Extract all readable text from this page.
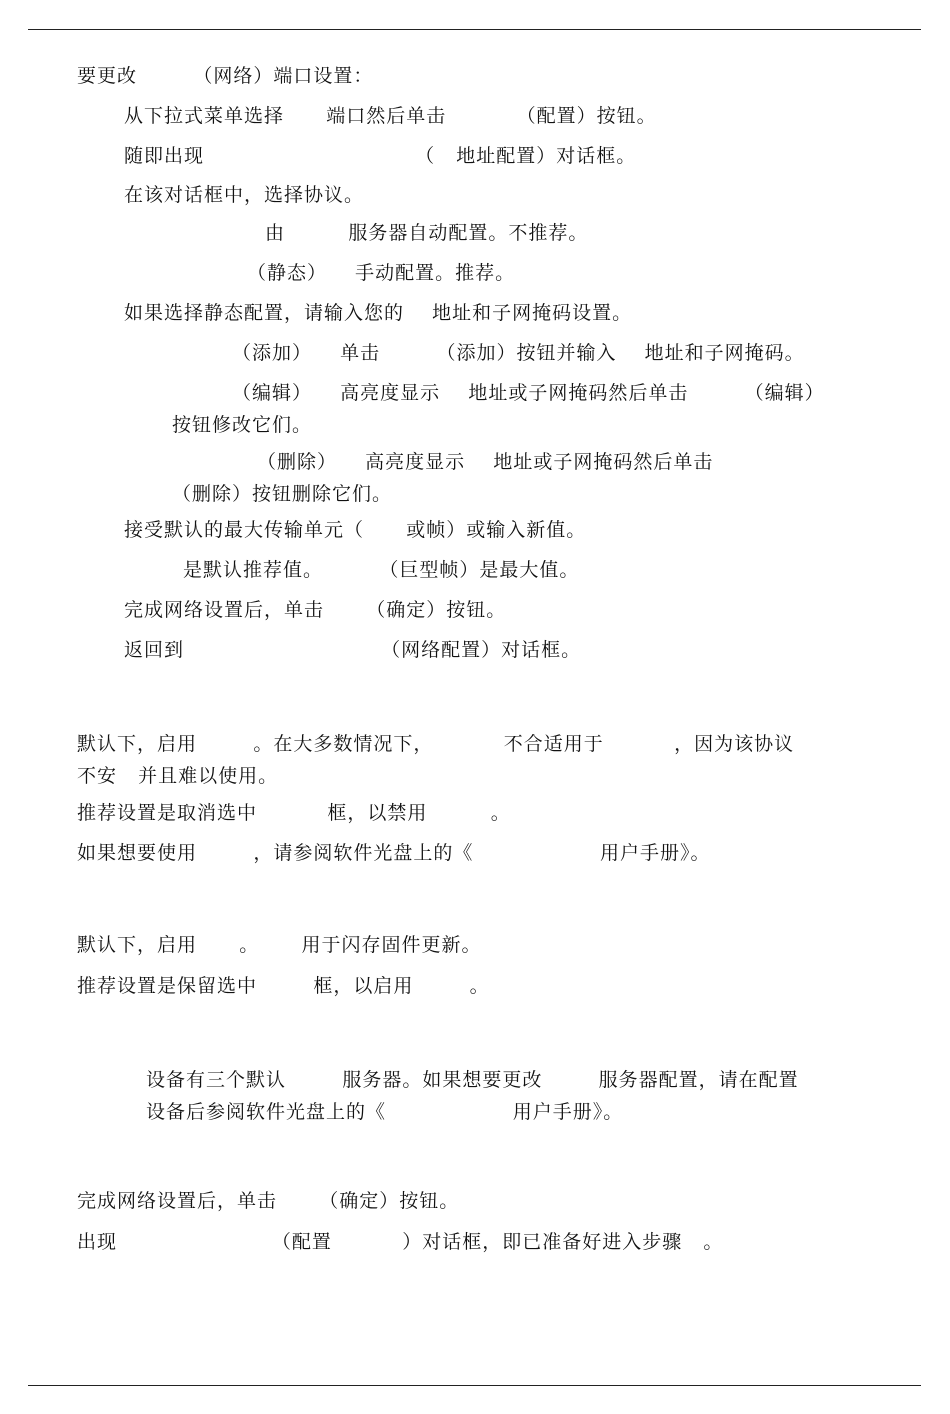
要更改        （网络）端口设置：
从下拉式菜单选择      端口然后单击          （配置）按钮。
随即出现                              （   地址配置）对话框。
在该对话框中，选择协议。
由         服务器自动配置。不推荐。
（静态）    手动配置。推荐。
如果选择静态配置，请输入您的    地址和子网掩码设置。
（添加）    单击        （添加）按钮并输入    地址和子网掩码。
（编辑）    高亮度显示    地址或子网掩码然后单击        （编辑）
按钮修改它们。
（删除）    高亮度显示    地址或子网掩码然后单击
（删除）按钮删除它们。
接受默认的最大传输单元（      或帧）或输入新值。
是默认推荐值。        （巨型帧）是最大值。
完成网络设置后，单击      （确定）按钮。
返回到                            （网络配置）对话框。
默认下，启用        。在大多数情况下，          不合适用于          ，因为该协议
不安   并且难以使用。
推荐设置是取消选中          框，以禁用         。
如果想要使用        ，请参阅软件光盘上的《                  用户手册》。
默认下，启用      。      用于闪存固件更新。
推荐设置是保留选中        框，以启用        。
设备有三个默认        服务器。如果想要更改        服务器配置，请在配置
设备后参阅软件光盘上的《                  用户手册》。
完成网络设置后，单击      （确定）按钮。
出现                      （配置          ）对话框，即已准备好进入步骤   。
